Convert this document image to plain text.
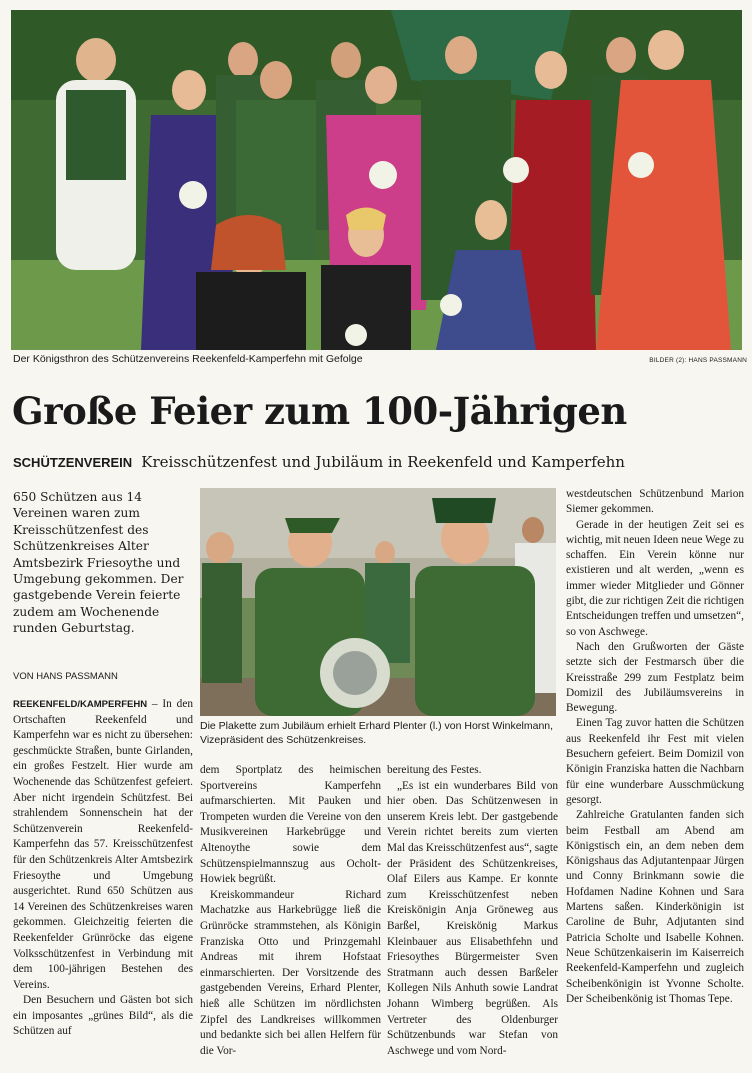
Der Königsthron des Schützenvereins Reekenfeld-Kamperfehn mit Gefolge	BILDER (2): HANS PASSMANN
Große Feier zum 100-Jährigen
SCHÜTZENVEREIN Kreisschützenfest und Jubiläum in Reekenfeld und Kamperfehn
650 Schützen aus 14 Vereinen waren zum Kreisschützenfest des Schützenkreises Alter Amtsbezirk Friesoythe und Umgebung gekommen. Der gastgebende Verein feierte zudem am Wochenende runden Geburtstag.
VON HANS PASSMANN
Die Plakette zum Jubiläum erhielt Erhard Plenter (l.) von Horst Winkelmann, Vizepräsident des Schützenkreises.

REEKENFELD/KAMPERFEHN – In den Ortschaften Reekenfeld und Kamperfehn war es nicht zu übersehen: geschmückte Straßen, bunte Girlanden, ein großes Festzelt. Hier wurde am Wochenende das Schützenfest gefeiert. Aber nicht irgendein Schützfest. Bei strahlendem Sonnenschein hat der Schützenverein Reekenfeld-Kamperfehn das 57. Kreisschützenfest für den Schützenkreis Alter Amtsbezirk Friesoythe und Umgebung ausgerichtet. Rund 650 Schützen aus 14 Vereinen des Schützenkreises waren gekommen. Gleichzeitig feierten die Reekenfelder Grünröcke das eigene Volksschützenfest in Verbindung mit dem 100-jährigen Bestehen des Vereins.

Den Besuchern und Gästen bot sich ein imposantes „grünes Bild“, als die Schützen auf

dem Sportplatz des heimischen Sportvereins Kamperfehn aufmarschierten. Mit Pauken und Trompeten wurden die Vereine von den Musikvereinen Harkebrügge und Altenoythe sowie dem Schützenspielmannszug aus Ocholt-Howiek begrüßt.

Kreiskommandeur Richard Machatzke aus Harkebrügge ließ die Grünröcke strammstehen, als Königin Franziska Otto und Prinzgemahl Andreas mit ihrem Hofstaat einmarschierten. Der Vorsitzende des gastgebenden Vereins, Erhard Plenter, hieß alle Schützen im nördlichsten Zipfel des Landkreises willkommen und bedankte sich bei allen Helfern für die Vor-

bereitung des Festes.

„Es ist ein wunderbares Bild von hier oben. Das Schützenwesen in unserem Kreis lebt. Der gastgebende Verein richtet bereits zum vierten Mal das Kreisschützenfest aus“, sagte der Präsident des Schützenkreises, Olaf Eilers aus Kampe. Er konnte zum Kreisschützenfest neben Kreiskönigin Anja Gröneweg aus Barßel, Kreiskönig Markus Kleinbauer aus Elisabethfehn und Friesoythes Bürgermeister Sven Stratmann auch dessen Barßeler Kollegen Nils Anhuth sowie Landrat Johann Wimberg begrüßen. Als Vertreter des Oldenburger Schützenbunds war Stefan von Aschwege und vom Nord-

westdeutschen Schützenbund Marion Siemer gekommen.

Gerade in der heutigen Zeit sei es wichtig, mit neuen Ideen neue Wege zu schaffen. Ein Verein könne nur existieren und alt werden, „wenn es immer wieder Mitglieder und Gönner gibt, die zur richtigen Zeit die richtigen Entscheidungen treffen und umsetzen“, so von Aschwege.

Nach den Grußworten der Gäste setzte sich der Festmarsch über die Kreisstraße 299 zum Festplatz beim Domizil des Jubiläumsvereins in Bewegung.

Einen Tag zuvor hatten die Schützen aus Reekenfeld ihr Fest mit vielen Besuchern gefeiert. Beim Domizil von Königin Franziska hatten die Nachbarn für eine wunderbare Ausschmückung gesorgt.

Zahlreiche Gratulanten fanden sich beim Festball am Abend am Königstisch ein, an dem neben dem Königshaus das Adjutantenpaar Jürgen und Conny Brinkmann sowie die Hofdamen Nadine Kohnen und Sara Martens saßen. Kinderkönigin ist Caroline de Buhr, Adjutanten sind Patricia Scholte und Isabelle Kohnen. Neue Schützenkaiserin im Kaiserreich Reekenfeld-Kamperfehn und zugleich Scheibenkönigin ist Yvonne Scholte. Der Scheibenkönig ist Thomas Tepe.
